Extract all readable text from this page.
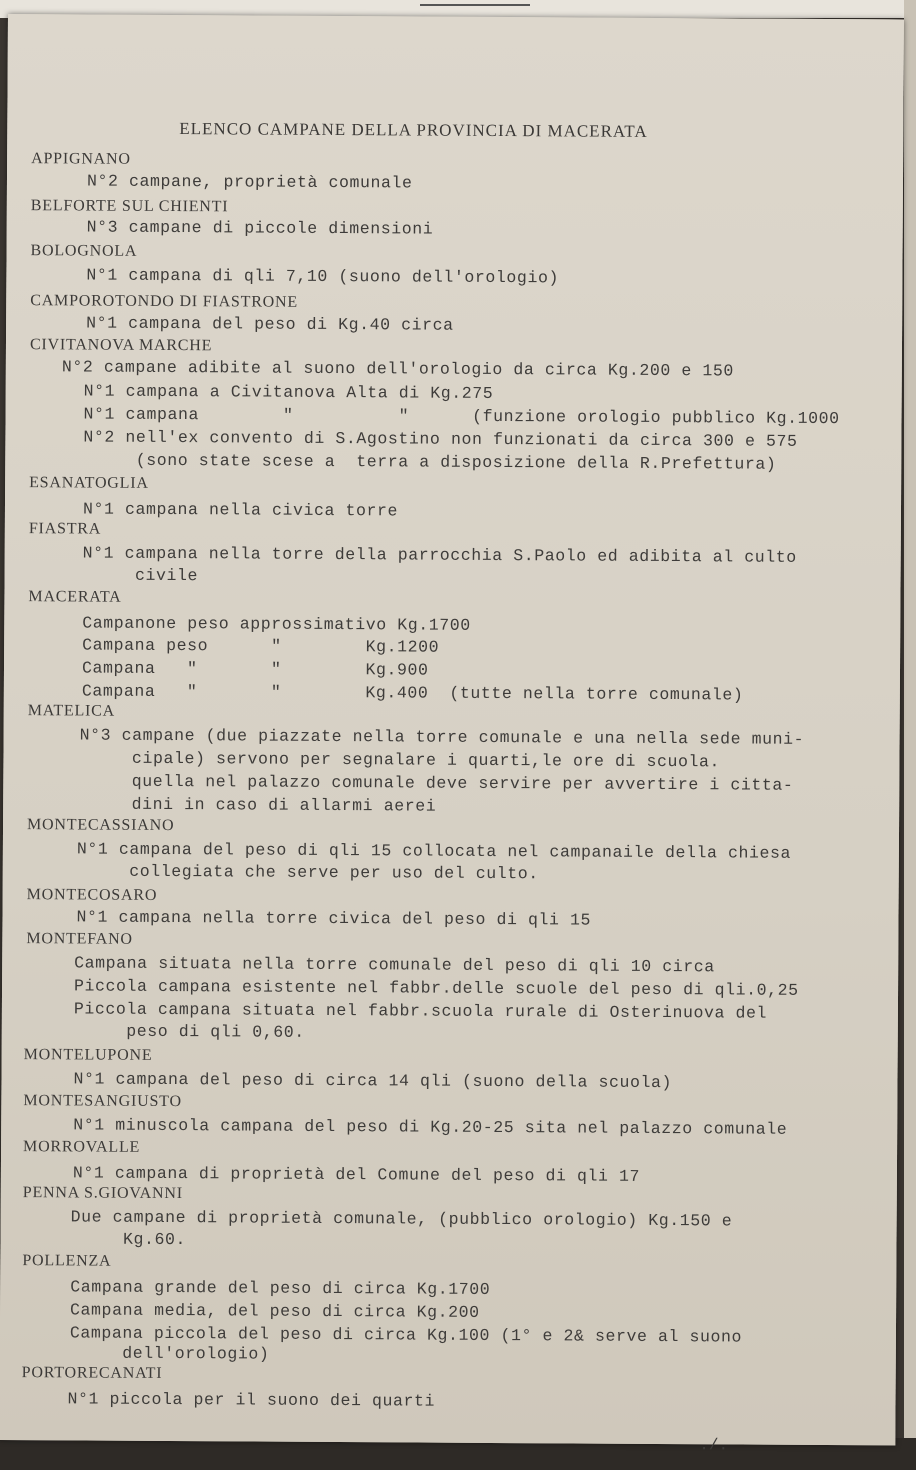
ELENCO CAMPANE DELLA PROVINCIA DI MACERATA
APPIGNANO
N°2 campane, proprietà comunale
BELFORTE SUL CHIENTI
N°3 campane di piccole dimensioni
BOLOGNOLA
N°1 campana di qli 7,10 (suono dell'orologio)
CAMPOROTONDO DI FIASTRONE
N°1 campana del peso di Kg.40 circa
CIVITANOVA MARCHE
N°2 campane adibite al suono dell'orologio da circa Kg.200 e 150
N°1 campana a Civitanova Alta di Kg.275
N°1 campana        "          "      (funzione orologio pubblico Kg.1000
N°2 nell'ex convento di S.Agostino non funzionati da circa 300 e 575
(sono state scese a  terra a disposizione della R.Prefettura)
ESANATOGLIA
N°1 campana nella civica torre
FIASTRA
N°1 campana nella torre della parrocchia S.Paolo ed adibita al culto
civile
MACERATA
Campanone peso approssimativo Kg.1700
Campana peso      "        Kg.1200
Campana   "       "        Kg.900
Campana   "       "        Kg.400  (tutte nella torre comunale)
MATELICA
N°3 campane (due piazzate nella torre comunale e una nella sede muni-
cipale) servono per segnalare i quarti,le ore di scuola.
quella nel palazzo comunale deve servire per avvertire i citta-
dini in caso di allarmi aerei
MONTECASSIANO
N°1 campana del peso di qli 15 collocata nel campanaile della chiesa
collegiata che serve per uso del culto.
MONTECOSARO
N°1 campana nella torre civica del peso di qli 15
MONTEFANO
Campana situata nella torre comunale del peso di qli 10 circa
Piccola campana esistente nel fabbr.delle scuole del peso di qli.0,25
Piccola campana situata nel fabbr.scuola rurale di Osterinuova del
peso di qli 0,60.
MONTELUPONE
N°1 campana del peso di circa 14 qli (suono della scuola)
MONTESANGIUSTO
N°1 minuscola campana del peso di Kg.20-25 sita nel palazzo comunale
MORROVALLE
N°1 campana di proprietà del Comune del peso di qli 17
PENNA S.GIOVANNI
Due campane di proprietà comunale, (pubblico orologio) Kg.150 e
Kg.60.
POLLENZA
Campana grande del peso di circa Kg.1700
Campana media, del peso di circa Kg.200
Campana piccola del peso di circa Kg.100 (1° e 2& serve al suono
dell'orologio)
PORTORECANATI
N°1 piccola per il suono dei quarti
./.
